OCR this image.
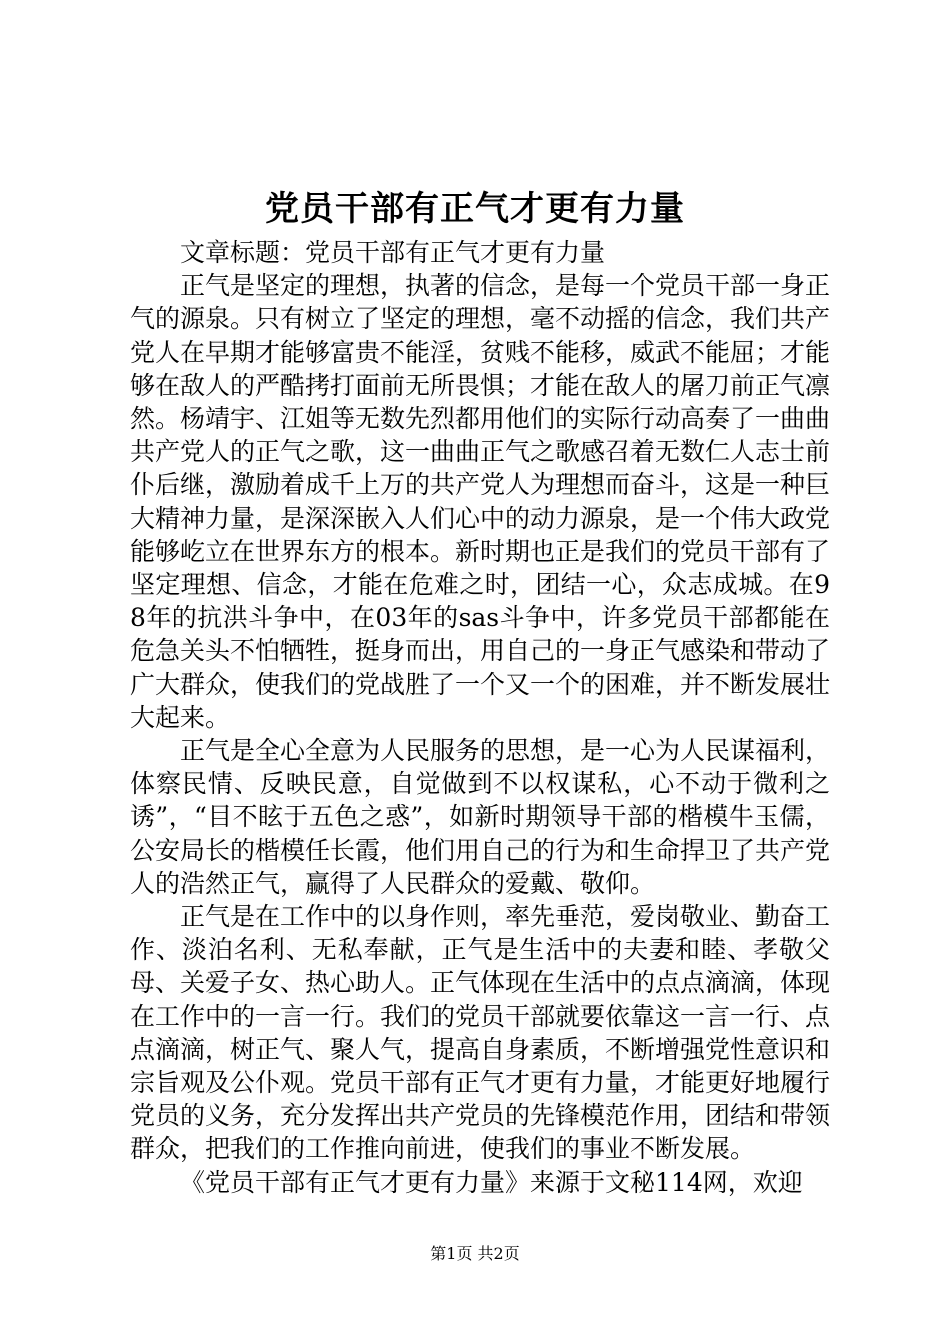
党员干部有正气才更有力量

文章标题：党员干部有正气才更有力量

正气是坚定的理想，执著的信念，是每一个党员干部一身正气的源泉。只有树立了坚定的理想，毫不动摇的信念，我们共产党人在早期才能够富贵不能淫，贫贱不能移，威武不能屈；才能够在敌人的严酷拷打面前无所畏惧；才能在敌人的屠刀前正气凛然。杨靖宇、江姐等无数先烈都用他们的实际行动高奏了一曲曲共产党人的正气之歌，这一曲曲正气之歌感召着无数仁人志士前仆后继，激励着成千上万的共产党人为理想而奋斗，这是一种巨大精神力量，是深深嵌入人们心中的动力源泉，是一个伟大政党能够屹立在世界东方的根本。新时期也正是我们的党员干部有了坚定理想、信念，才能在危难之时，团结一心，众志成城。在98年的抗洪斗争中，在03年的sas斗争中，许多党员干部都能在危急关头不怕牺牲，挺身而出，用自己的一身正气感染和带动了广大群众，使我们的党战胜了一个又一个的困难，并不断发展壮大起来。

正气是全心全意为人民服务的思想，是一心为人民谋福利，体察民情、反映民意，自觉做到不以权谋私，心不动于微利之诱”，“目不眩于五色之惑”，如新时期领导干部的楷模牛玉儒，公安局长的楷模任长霞，他们用自己的行为和生命捍卫了共产党人的浩然正气，赢得了人民群众的爱戴、敬仰。

正气是在工作中的以身作则，率先垂范，爱岗敬业、勤奋工作、淡泊名利、无私奉献，正气是生活中的夫妻和睦、孝敬父母、关爱子女、热心助人。正气体现在生活中的点点滴滴，体现在工作中的一言一行。我们的党员干部就要依靠这一言一行、点点滴滴，树正气、聚人气，提高自身素质，不断增强党性意识和宗旨观及公仆观。党员干部有正气才更有力量，才能更好地履行党员的义务，充分发挥出共产党员的先锋模范作用，团结和带领群众，把我们的工作推向前进，使我们的事业不断发展。

《党员干部有正气才更有力量》来源于文秘114网，欢迎

第1页 共2页
